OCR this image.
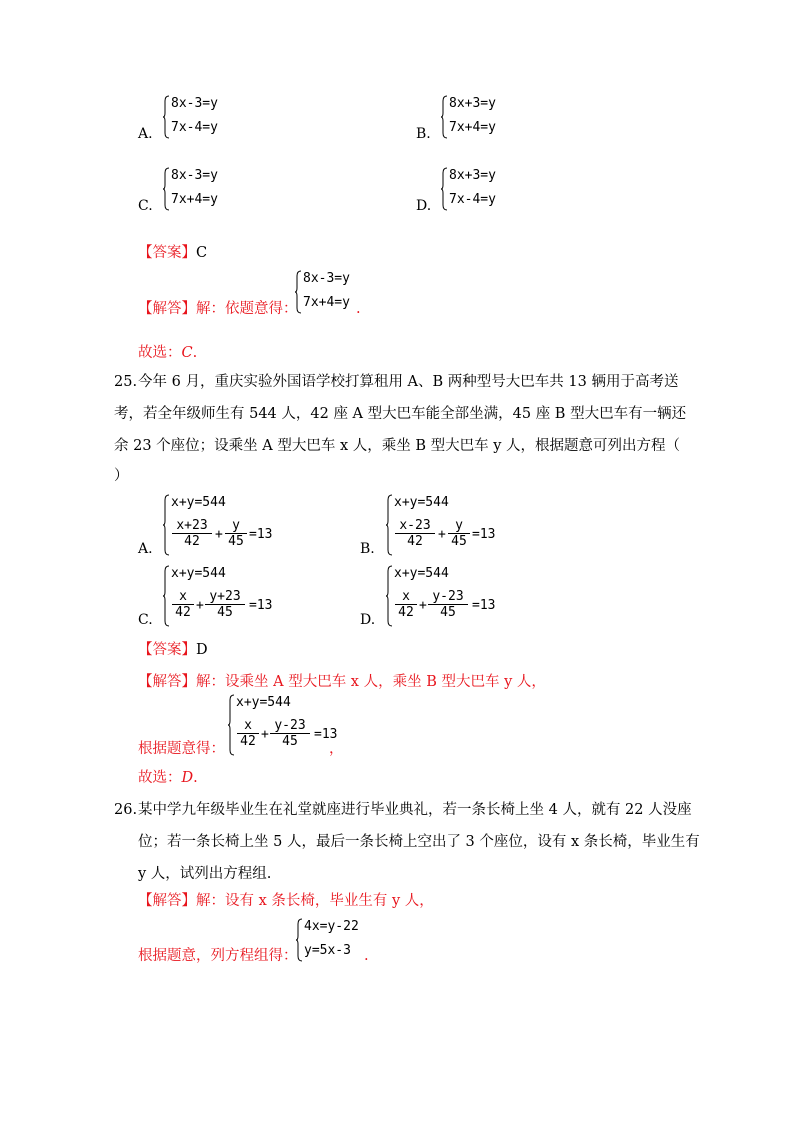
A.
8x-3=y
7x-4=y	B.
8x+3=y
7x+4=y
C.
8x-3=y
7x+4=y	D.
8x+3=y
7x-4=y
【答案】C
【解答】解：依题意得：
8x-3=y
7x+4=y .
故选：C.
25. 今年 6 月，重庆实验外国语学校打算租用 A、B 两种型号大巴车共 13 辆用于高考送
考，若全年级师生有 544 人，42 座 A 型大巴车能全部坐满，45 座 B 型大巴车有一辆还
余 23 个座位；设乘坐 A 型大巴车 x 人，乘坐 B 型大巴车 y 人，根据题意可列出方程（
）
A.
x+y=544
x+23
42	+
y
45 =13
B.
x+y=544
x-23
42	+
y
45 =13
C.
x+y=544
x
42 +
y+23
45	=13
D.
x+y=544
x
42 +
y-23
45	=13
【答案】D
【解答】解：设乘坐 A 型大巴车 x 人，乘坐 B 型大巴车 y 人，
根据题意得：
x+y=544
x
42 +
y-23
45	=13
，
故选：D.
26. 某中学九年级毕业生在礼堂就座进行毕业典礼，若一条长椅上坐 4 人，就有 22 人没座
位；若一条长椅上坐 5 人，最后一条长椅上空出了 3 个座位，设有 x 条长椅，毕业生有
y 人，试列出方程组.
【解答】解：设有 x 条长椅，毕业生有 y 人，
根据题意，列方程组得：
4x=y-22
y=5x-3 .
